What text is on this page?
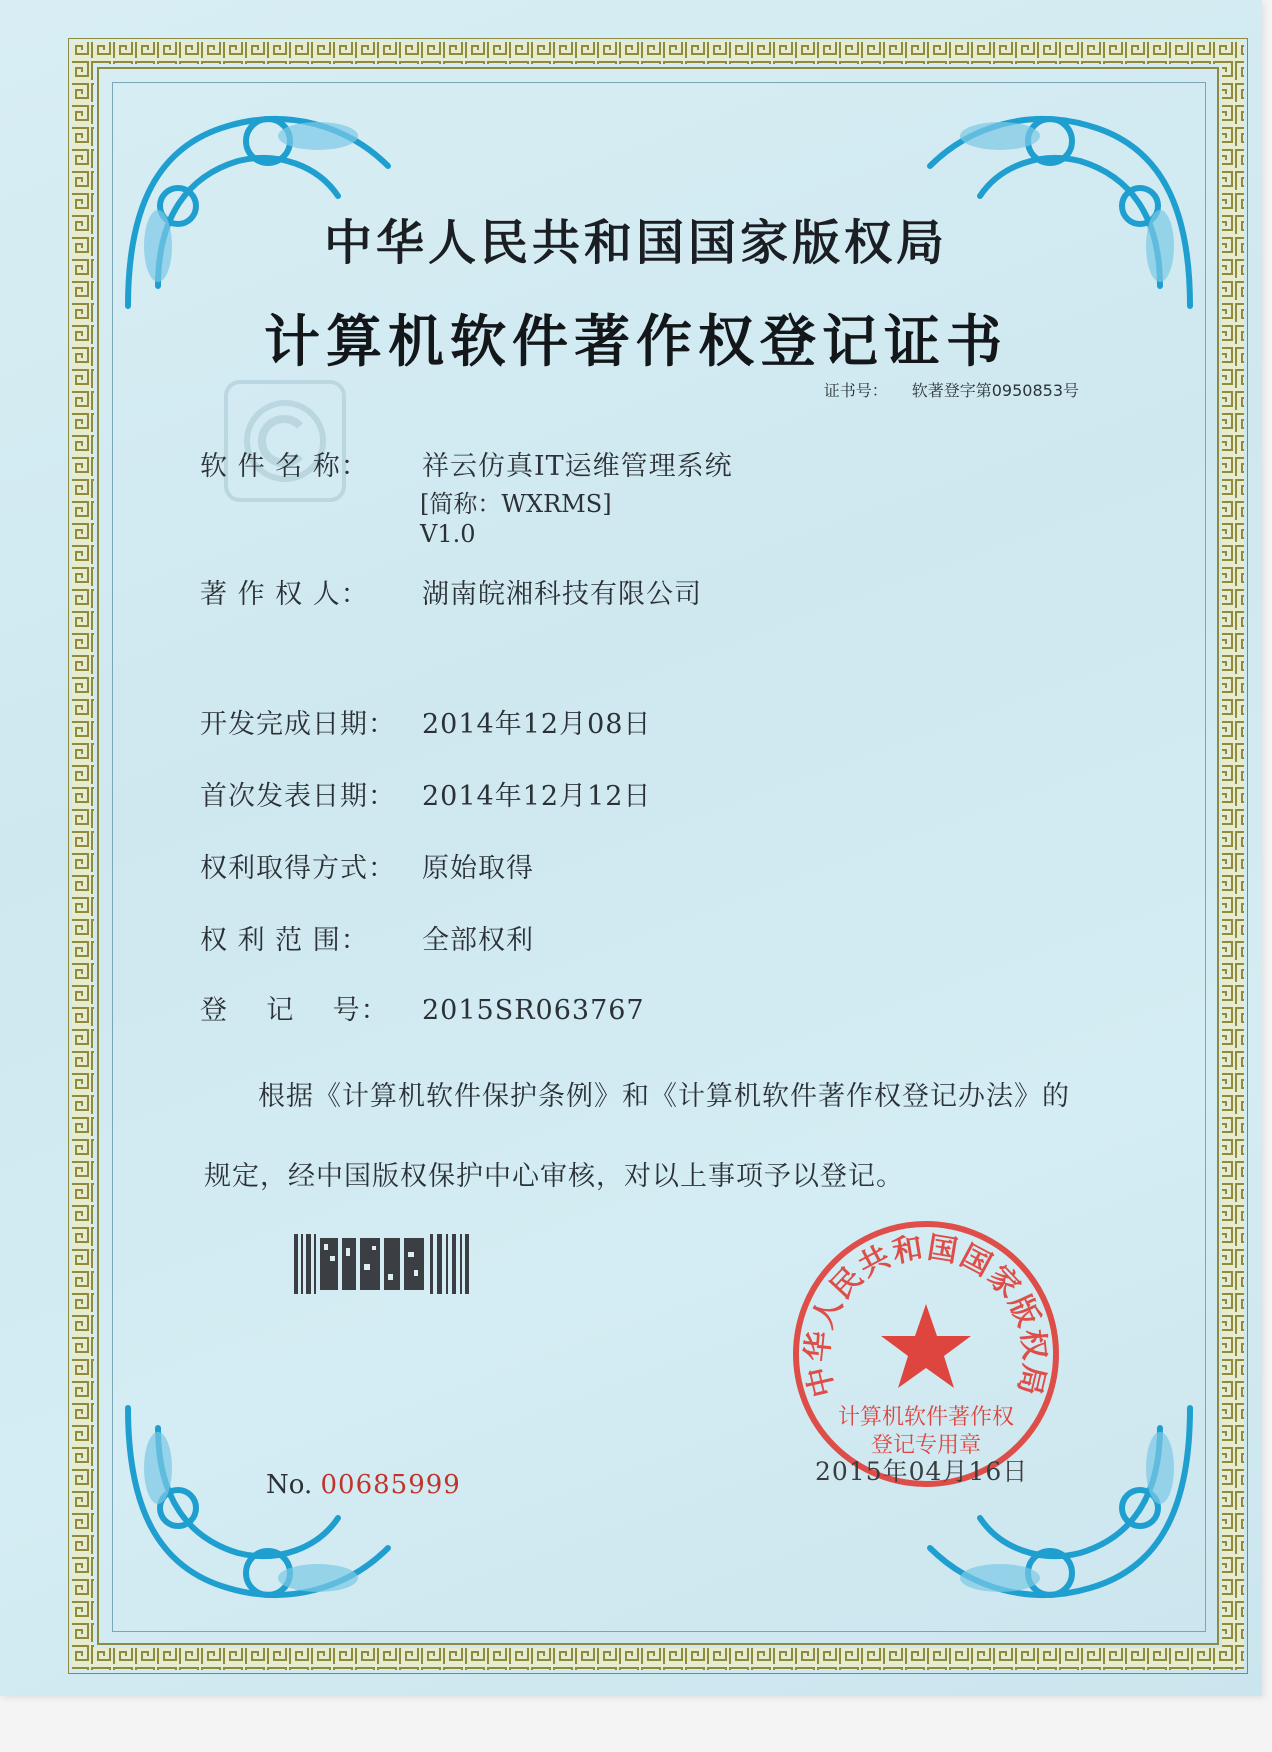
中华人民共和国国家版权局
计算机软件著作权登记证书
证书号： 软著登字第0950853号
软 件 名 称： 祥云仿真IT运维管理系统
[简称：WXRMS]
V1.0
著 作 权 人： 湖南皖湘科技有限公司
开发完成日期： 2014年12月08日
首次发表日期： 2014年12月12日
权利取得方式： 原始取得
权 利 范 围： 全部权利
登    记    号： 2015SR063767
根据《计算机软件保护条例》和《计算机软件著作权登记办法》的
规定，经中国版权保护中心审核，对以上事项予以登记。
No. 00685999
中华人民共和国国家版权局
计算机软件著作权
登记专用章
2015年04月16日
